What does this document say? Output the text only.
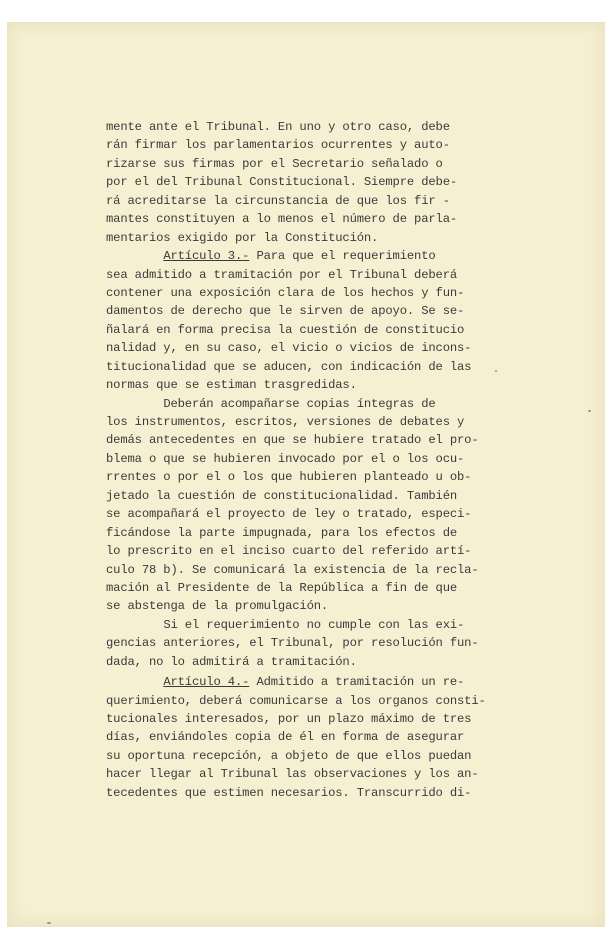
mente ante el Tribunal. En uno y otro caso, debe
rán firmar los parlamentarios ocurrentes y auto-
rizarse sus firmas por el Secretario señalado o
por el del Tribunal Constitucional. Siempre debe-
rá acreditarse la circunstancia de que los fir -
mantes constituyen a lo menos el número de parla-
mentarios exigido por la Constitución.
Artículo 3.- Para que el requerimiento
sea admitido a tramitación por el Tribunal deberá
contener una exposición clara de los hechos y fun-
damentos de derecho que le sirven de apoyo. Se se-
ñalará en forma precisa la cuestión de constitucio
nalidad y, en su caso, el vicio o vicios de incons-
titucionalidad que se aducen, con indicación de las
normas que se estiman trasgredidas.
Deberán acompañarse copias íntegras de
los instrumentos, escritos, versiones de debates y
demás antecedentes en que se hubiere tratado el pro-
blema o que se hubieren invocado por el o los ocu-
rrentes o por el o los que hubieren planteado u ob-
jetado la cuestión de constitucionalidad. También
se acompañará el proyecto de ley o tratado, especi-
ficándose la parte impugnada, para los efectos de
lo prescrito en el inciso cuarto del referido artí-
culo 78 b). Se comunicará la existencia de la recla-
mación al Presidente de la República a fin de que
se abstenga de la promulgación.
Si el requerimiento no cumple con las exi-
gencias anteriores, el Tribunal, por resolución fun-
dada, no lo admitirá a tramitación.
Artículo 4.- Admitido a tramitación un re-
querimiento, deberá comunicarse a los organos consti-
tucionales interesados, por un plazo máximo de tres
días, enviándoles copia de él en forma de asegurar
su oportuna recepción, a objeto de que ellos puedan
hacer llegar al Tribunal las observaciones y los an-
tecedentes que estimen necesarios. Transcurrido di-
